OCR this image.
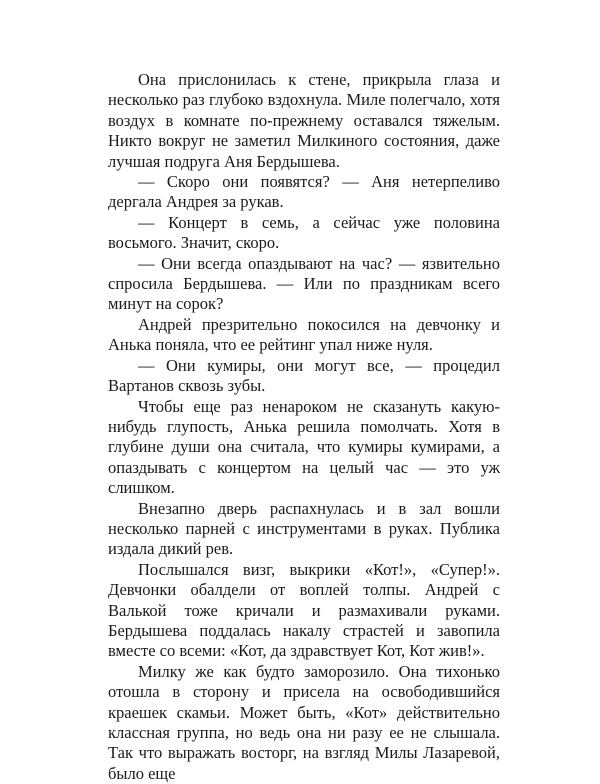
Она прислонилась к стене, прикрыла глаза и несколько раз глубоко вздохнула. Миле полегчало, хотя воздух в комнате по-прежнему оставался тяжелым. Никто вокруг не заметил Милкиного состояния, даже лучшая подруга Аня Бердышева.

— Скоро они появятся? — Аня нетерпеливо дергала Андрея за рукав.

— Концерт в семь, а сейчас уже половина восьмого. Значит, скоро.

— Они всегда опаздывают на час? — язвительно спросила Бердышева. — Или по праздникам всего минут на сорок?

Андрей презрительно покосился на девчонку и Анька поняла, что ее рейтинг упал ниже нуля.

— Они кумиры, они могут все, — процедил Вартанов сквозь зубы.

Чтобы еще раз ненароком не сказануть какую-нибудь глупость, Анька решила помолчать. Хотя в глубине души она считала, что кумиры кумирами, а опаздывать с концертом на целый час — это уж слишком.

Внезапно дверь распахнулась и в зал вошли несколько парней с инструментами в руках. Публика издала дикий рев.

Послышался визг, выкрики «Кот!», «Супер!». Девчонки обалдели от воплей толпы. Андрей с Валькой тоже кричали и размахивали руками. Бердышева поддалась накалу страстей и завопила вместе со всеми: «Кот, да здравствует Кот, Кот жив!».

Милку же как будто заморозило. Она тихонько отошла в сторону и присела на освободившийся краешек скамьи. Может быть, «Кот» действительно классная группа, но ведь она ни разу ее не слышала. Так что выражать восторг, на взгляд Милы Лазаревой, было еще
